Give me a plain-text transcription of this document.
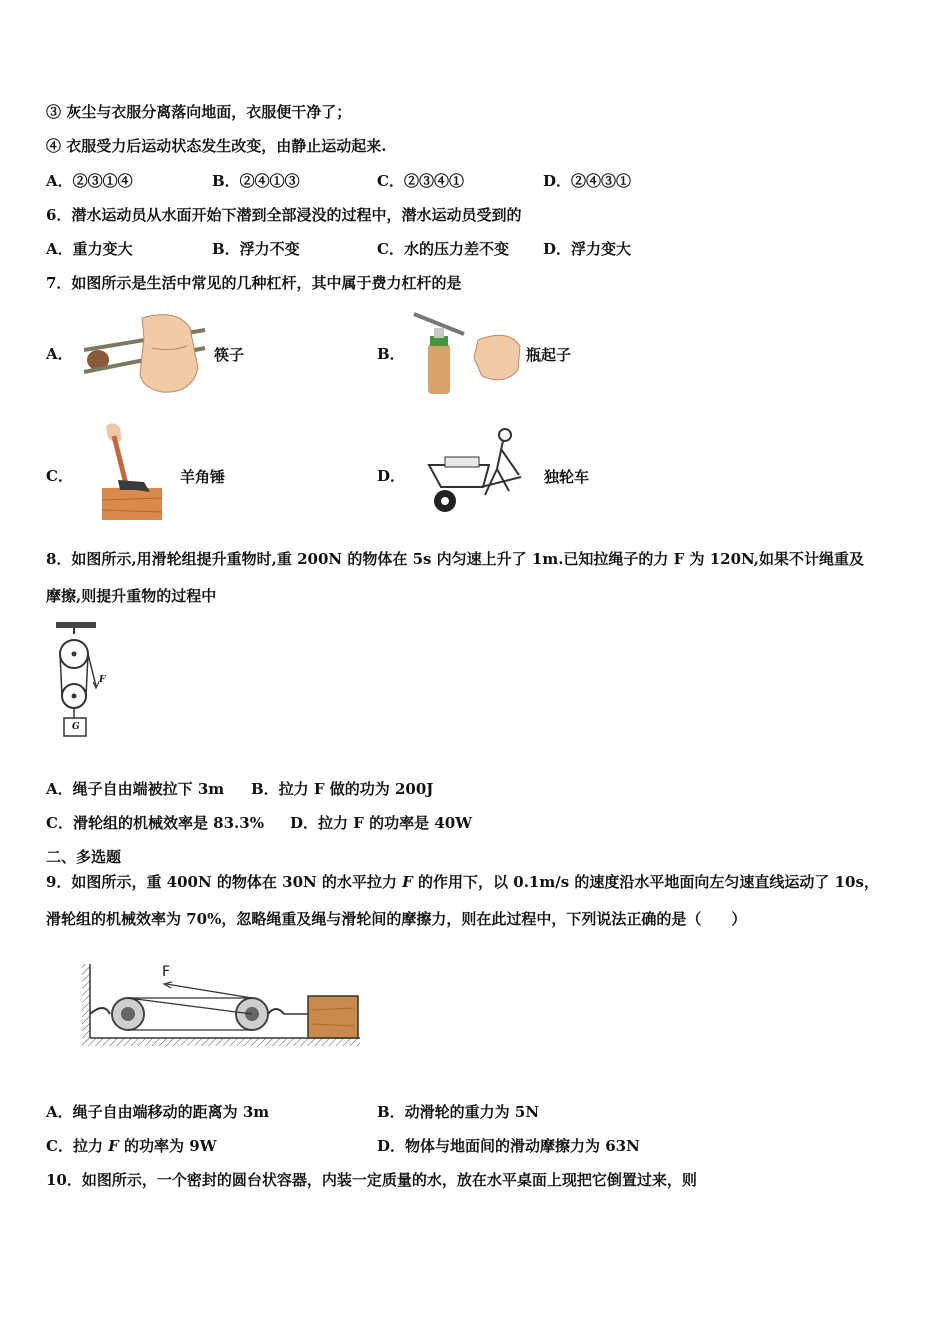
③ 灰尘与衣服分离落向地面，衣服便干净了；
④ 衣服受力后运动状态发生改变，由静止运动起来.
A．②③①④	B．②④①③	C．②③④①	D．②④③①
6．潜水运动员从水面开始下潜到全部浸没的过程中，潜水运动员受到的
A．重力变大	B．浮力不变	C．水的压力差不变 D．浮力变大
7．如图所示是生活中常见的几种杠杆，其中属于费力杠杆的是
A．	筷子	B．	瓶起子
C．	羊角锤	D．	独轮车
8．如图所示,用滑轮组提升重物时,重 200N 的物体在 5s 内匀速上升了 1m.已知拉绳子的力 F 为 120N,如果不计绳重及
摩擦,则提升重物的过程中
F
G
A．绳子自由端被拉下 3m B．拉力 F 做的功为 200J
C．滑轮组的机械效率是 83.3% D．拉力 F 的功率是 40W
二、多选题
9．如图所示，重 400N 的物体在 30N 的水平拉力 F 的作用下，以 0.1m/s 的速度沿水平地面向左匀速直线运动了 10s，
滑轮组的机械效率为 70%，忽略绳重及绳与滑轮间的摩擦力，则在此过程中，下列说法正确的是（　　）
F
A．绳子自由端移动的距离为 3m	B．动滑轮的重力为 5N
C．拉力 F 的功率为 9W	D．物体与地面间的滑动摩擦力为 63N
10．如图所示，一个密封的圆台状容器，内装一定质量的水，放在水平桌面上现把它倒置过来，则
